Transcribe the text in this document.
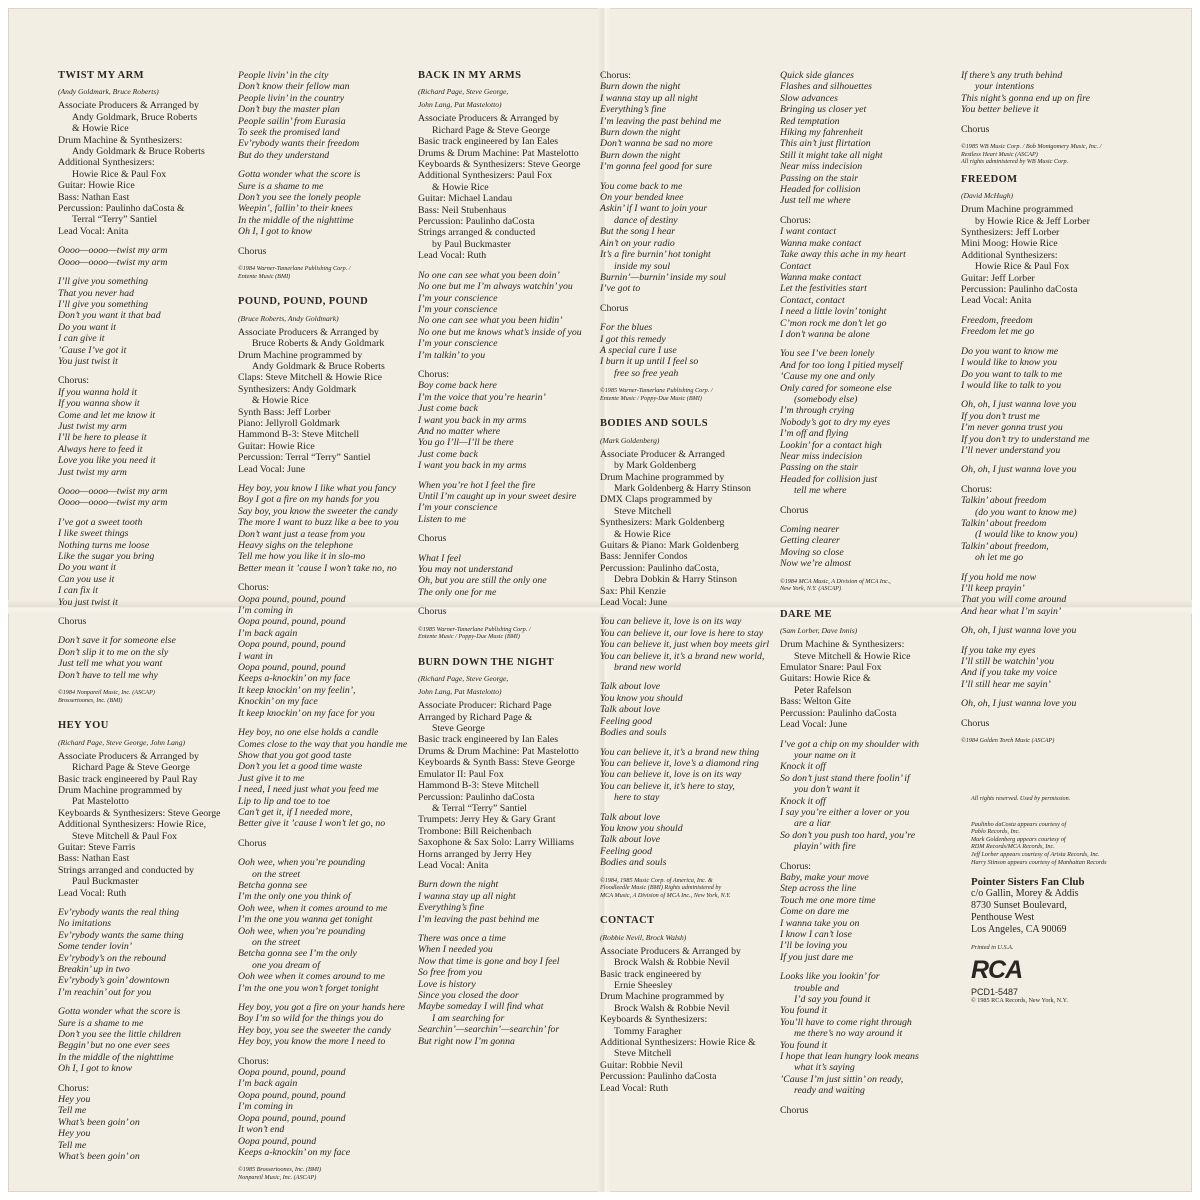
TWIST MY ARM

(Andy Goldmark, Bruce Roberts)

Associate Producers & Arranged by

Andy Goldmark, Bruce Roberts

& Howie Rice

Drum Machine & Synthesizers:

Andy Goldmark & Bruce Roberts

Additional Synthesizers:

Howie Rice & Paul Fox

Guitar: Howie Rice

Bass: Nathan East

Percussion: Paulinho daCosta &

Terral “Terry” Santiel

Lead Vocal: Anita

Oooo—oooo—twist my arm

Oooo—oooo—twist my arm

I’ll give you something

That you never had

I’ll give you something

Don’t you want it that bad

Do you want it

I can give it

’Cause I’ve got it

You just twist it

Chorus:

If you wanna hold it

If you wanna show it

Come and let me know it

Just twist my arm

I’ll be here to please it

Always here to feed it

Love you like you need it

Just twist my arm

Oooo—oooo—twist my arm

Oooo—oooo—twist my arm

I’ve got a sweet tooth

I like sweet things

Nothing turns me loose

Like the sugar you bring

Do you want it

Can you use it

I can fix it

You just twist it

Chorus

Don’t save it for someone else

Don’t slip it to me on the sly

Just tell me what you want

Don’t have to tell me why

©1984 Nonpareil Music, Inc. (ASCAP)

Brossertoones, Inc. (BMI)

HEY YOU

(Richard Page, Steve George, John Lang)

Associate Producers & Arranged by

Richard Page & Steve George

Basic track engineered by Paul Ray

Drum Machine programmed by

Pat Mastelotto

Keyboards & Synthesizers: Steve George

Additional Synthesizers: Howie Rice,

Steve Mitchell & Paul Fox

Guitar: Steve Farris

Bass: Nathan East

Strings arranged and conducted by

Paul Buckmaster

Lead Vocal: Ruth

Ev’rybody wants the real thing

No imitations

Ev’rybody wants the same thing

Some tender lovin’

Ev’rybody’s on the rebound

Breakin’ up in two

Ev’rybody’s goin’ downtown

I’m reachin’ out for you

Gotta wonder what the score is

Sure is a shame to me

Don’t you see the little children

Beggin’ but no one ever sees

In the middle of the nighttime

Oh I, I got to know

Chorus:

Hey you

Tell me

What’s been goin’ on

Hey you

Tell me

What’s been goin’ on

People livin’ in the city

Don’t know their fellow man

People livin’ in the country

Don’t buy the master plan

People sailin’ from Eurasia

To seek the promised land

Ev’rybody wants their freedom

But do they understand

Gotta wonder what the score is

Sure is a shame to me

Don’t you see the lonely people

Weepin’, fallin’ to their knees

In the middle of the nighttime

Oh I, I got to know

Chorus

©1984 Warner-Tamerlane Publishing Corp. /

Entente Music (BMI)

POUND, POUND, POUND

(Bruce Roberts, Andy Goldmark)

Associate Producers & Arranged by

Bruce Roberts & Andy Goldmark

Drum Machine programmed by

Andy Goldmark & Bruce Roberts

Claps: Steve Mitchell & Howie Rice

Synthesizers: Andy Goldmark

& Howie Rice

Synth Bass: Jeff Lorber

Piano: Jellyroll Goldmark

Hammond B-3: Steve Mitchell

Guitar: Howie Rice

Percussion: Terral “Terry” Santiel

Lead Vocal: June

Hey boy, you know I like what you fancy

Boy I got a fire on my hands for you

Say boy, you know the sweeter the candy

The more I want to buzz like a bee to you

Don’t want just a tease from you

Heavy sighs on the telephone

Tell me how you like it in slo-mo

Better mean it ’cause I won’t take no, no

Chorus:

Oopa pound, pound, pound

I’m coming in

Oopa pound, pound, pound

I’m back again

Oopa pound, pound, pound

I want in

Oopa pound, pound, pound

Keeps a-knockin’ on my face

It keep knockin’ on my feelin’,

Knockin’ on my face

It keep knockin’ on my face for you

Hey boy, no one else holds a candle

Comes close to the way that you handle me

Show that you got good taste

Don’t you let a good time waste

Just give it to me

I need, I need just what you feed me

Lip to lip and toe to toe

Can’t get it, if I needed more,

Better give it ’cause I won’t let go, no

Chorus

Ooh wee, when you’re pounding

on the street

Betcha gonna see

I’m the only one you think of

Ooh wee, when it comes around to me

I’m the one you wanna get tonight

Ooh wee, when you’re pounding

on the street

Betcha gonna see I’m the only

one you dream of

Ooh wee when it comes around to me

I’m the one you won’t forget tonight

Hey boy, you got a fire on your hands here

Boy I’m so wild for the things you do

Hey boy, you see the sweeter the candy

Hey boy, you know the more I need to

Chorus:

Oopa pound, pound, pound

I’m back again

Oopa pound, pound, pound

I’m coming in

Oopa pound, pound, pound

It won’t end

Oopa pound, pound

Keeps a-knockin’ on my face

©1985 Brossertoones, Inc. (BMI)

Nonpareil Music, Inc. (ASCAP)

BACK IN MY ARMS

(Richard Page, Steve George,

John Lang, Pat Mastelotto)

Associate Producers & Arranged by

Richard Page & Steve George

Basic track engineered by Ian Eales

Drums & Drum Machine: Pat Mastelotto

Keyboards & Synthesizers: Steve George

Additional Synthesizers: Paul Fox

& Howie Rice

Guitar: Michael Landau

Bass: Neil Stubenhaus

Percussion: Paulinho daCosta

Strings arranged & conducted

by Paul Buckmaster

Lead Vocal: Ruth

No one can see what you been doin’

No one but me I’m always watchin’ you

I’m your conscience

I’m your conscience

No one can see what you been hidin’

No one but me knows what’s inside of you

I’m your conscience

I’m talkin’ to you

Chorus:

Boy come back here

I’m the voice that you’re hearin’

Just come back

I want you back in my arms

And no matter where

You go I’ll—I’ll be there

Just come back

I want you back in my arms

When you’re hot I feel the fire

Until I’m caught up in your sweet desire

I’m your conscience

Listen to me

Chorus

What I feel

You may not understand

Oh, but you are still the only one

The only one for me

Chorus

©1985 Warner-Tamerlane Publishing Corp. /

Entente Music / Poppy-Due Music (BMI)

BURN DOWN THE NIGHT

(Richard Page, Steve George,

John Lang, Pat Mastelotto)

Associate Producer: Richard Page

Arranged by Richard Page &

Steve George

Basic track engineered by Ian Eales

Drums & Drum Machine: Pat Mastelotto

Keyboards & Synth Bass: Steve George

Emulator II: Paul Fox

Hammond B-3: Steve Mitchell

Percussion: Paulinho daCosta

& Terral “Terry” Santiel

Trumpets: Jerry Hey & Gary Grant

Trombone: Bill Reichenbach

Saxophone & Sax Solo: Larry Williams

Horns arranged by Jerry Hey

Lead Vocal: Anita

Burn down the night

I wanna stay up all night

Everything’s fine

I’m leaving the past behind me

There was once a time

When I needed you

Now that time is gone and boy I feel

So free from you

Love is history

Since you closed the door

Maybe someday I will find what

I am searching for

Searchin’—searchin’—searchin’ for

But right now I’m gonna

Chorus:

Burn down the night

I wanna stay up all night

Everything’s fine

I’m leaving the past behind me

Burn down the night

Don’t wanna be sad no more

Burn down the night

I’m gonna feel good for sure

You come back to me

On your bended knee

Askin’ if I want to join your

dance of destiny

But the song I hear

Ain’t on your radio

It’s a fire burnin’ hot tonight

inside my soul

Burnin’—burnin’ inside my soul

I’ve got to

Chorus

For the blues

I got this remedy

A special cure I use

I burn it up until I feel so

free so free yeah

©1985 Warner-Tamerlane Publishing Corp. /

Entente Music / Poppy-Due Music (BMI)

BODIES AND SOULS

(Mark Goldenberg)

Associate Producer & Arranged

by Mark Goldenberg

Drum Machine programmed by

Mark Goldenberg & Harry Stinson

DMX Claps programmed by

Steve Mitchell

Synthesizers: Mark Goldenberg

& Howie Rice

Guitars & Piano: Mark Goldenberg

Bass: Jennifer Condos

Percussion: Paulinho daCosta,

Debra Dobkin & Harry Stinson

Sax: Phil Kenzie

Lead Vocal: June

You can believe it, love is on its way

You can believe it, our love is here to stay

You can believe it, just when boy meets girl

You can believe it, it’s a brand new world,

brand new world

Talk about love

You know you should

Talk about love

Feeling good

Bodies and souls

You can believe it, it’s a brand new thing

You can believe it, love’s a diamond ring

You can believe it, love is on its way

You can believe it, it’s here to stay,

here to stay

Talk about love

You know you should

Talk about love

Feeling good

Bodies and souls

©1984, 1985 Music Corp. of America, Inc. &

Floodleedle Music (BMI) Rights administered by

MCA Music, A Division of MCA Inc., New York, N.Y.

CONTACT

(Robbie Nevil, Brock Walsh)

Associate Producers & Arranged by

Brock Walsh & Robbie Nevil

Basic track engineered by

Ernie Sheesley

Drum Machine programmed by

Brock Walsh & Robbie Nevil

Keyboards & Synthesizers:

Tommy Faragher

Additional Synthesizers: Howie Rice &

Steve Mitchell

Guitar: Robbie Nevil

Percussion: Paulinho daCosta

Lead Vocal: Ruth

Quick side glances

Flashes and silhouettes

Slow advances

Bringing us closer yet

Red temptation

Hiking my fahrenheit

This ain’t just flirtation

Still it might take all night

Near miss indecision

Passing on the stair

Headed for collision

Just tell me where

Chorus:

I want contact

Wanna make contact

Take away this ache in my heart

Contact

Wanna make contact

Let the festivities start

Contact, contact

I need a little lovin’ tonight

C’mon rock me don’t let go

I don’t wanna be alone

You see I’ve been lonely

And for too long I pitied myself

’Cause my one and only

Only cared for someone else

(somebody else)

I’m through crying

Nobody’s got to dry my eyes

I’m off and flying

Lookin’ for a contact high

Near miss indecision

Passing on the stair

Headed for collision just

tell me where

Chorus

Coming nearer

Getting clearer

Moving so close

Now we’re almost

©1984 MCA Music, A Division of MCA Inc.,

New York, N.Y. (ASCAP)

DARE ME

(Sam Lorber, Dave Innis)

Drum Machine & Synthesizers:

Steve Mitchell & Howie Rice

Emulator Snare: Paul Fox

Guitars: Howie Rice &

Peter Rafelson

Bass: Welton Gite

Percussion: Paulinho daCosta

Lead Vocal: June

I’ve got a chip on my shoulder with

your name on it

Knock it off

So don’t just stand there foolin’ if

you don’t want it

Knock it off

I say you’re either a lover or you

are a liar

So don’t you push too hard, you’re

playin’ with fire

Chorus:

Baby, make your move

Step across the line

Touch me one more time

Come on dare me

I wanna take you on

I know I can’t lose

I’ll be loving you

If you just dare me

Looks like you lookin’ for

trouble and

I’d say you found it

You found it

You’ll have to come right through

me there’s no way around it

You found it

I hope that lean hungry look means

what it’s saying

’Cause I’m just sittin’ on ready,

ready and waiting

Chorus

If there’s any truth behind

your intentions

This night’s gonna end up on fire

You better believe it

Chorus

©1985 WB Music Corp. / Bob Montgomery Music, Inc. /

Restless Heart Music (ASCAP)

All rights administered by WB Music Corp.

FREEDOM

(David McHugh)

Drum Machine programmed

by Howie Rice & Jeff Lorber

Synthesizers: Jeff Lorber

Mini Moog: Howie Rice

Additional Synthesizers:

Howie Rice & Paul Fox

Guitar: Jeff Lorber

Percussion: Paulinho daCosta

Lead Vocal: Anita

Freedom, freedom

Freedom let me go

Do you want to know me

I would like to know you

Do you want to talk to me

I would like to talk to you

Oh, oh, I just wanna love you

If you don’t trust me

I’m never gonna trust you

If you don’t try to understand me

I’ll never understand you

Oh, oh, I just wanna love you

Chorus:

Talkin’ about freedom

(do you want to know me)

Talkin’ about freedom

(I would like to know you)

Talkin’ about freedom,

oh let me go

If you hold me now

I’ll keep prayin’

That you will come around

And hear what I’m sayin’

Oh, oh, I just wanna love you

If you take my eyes

I’ll still be watchin’ you

And if you take my voice

I’ll still hear me sayin’

Oh, oh, I just wanna love you

Chorus

©1984 Golden Torch Music (ASCAP)

All rights reserved. Used by permission.

Paulinho daCosta appears courtesy of

Pablo Records, Inc.

Mark Goldenberg appears courtesy of

RDM Records/MCA Records, Inc.

Jeff Lorber appears courtesy of Arista Records, Inc.

Harry Stinson appears courtesy of Manhattan Records

Pointer Sisters Fan Club

c/o Gallin, Morey & Addis

8730 Sunset Boulevard,

Penthouse West

Los Angeles, CA 90069

Printed in U.S.A.

RCA

PCD1-5487

© 1985 RCA Records, New York, N.Y.
